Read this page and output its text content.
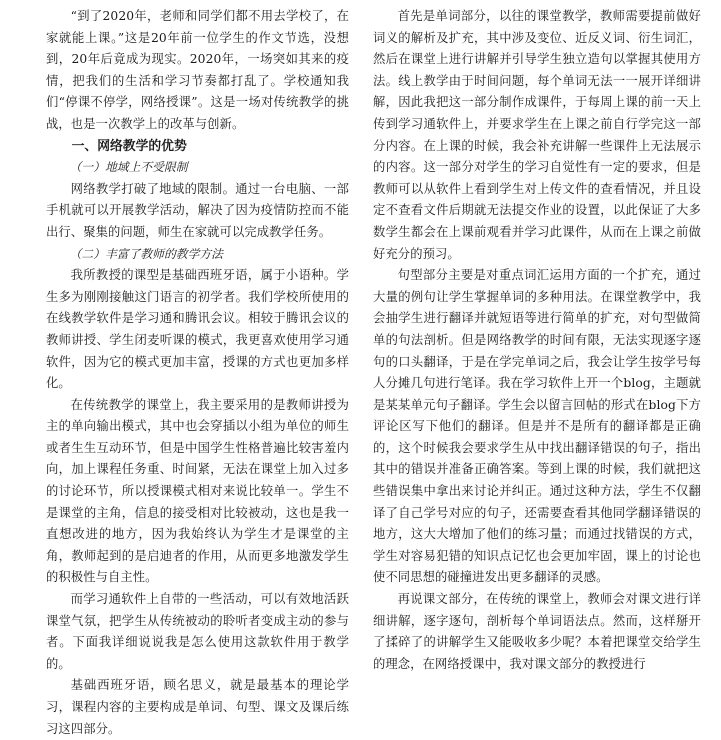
“到了2020年，老师和同学们都不用去学校了，在家就能上课。”这是20年前一位学生的作文节选，没想到，20年后竟成为现实。2020年，一场突如其来的疫情，把我们的生活和学习节奏都打乱了。学校通知我们“停课不停学，网络授课”。这是一场对传统教学的挑战，也是一次教学上的改革与创新。

一、网络教学的优势
（一）地域上不受限制

网络教学打破了地域的限制。通过一台电脑、一部手机就可以开展教学活动，解决了因为疫情防控而不能出行、聚集的问题，师生在家就可以完成教学任务。

（二）丰富了教师的教学方法

我所教授的课型是基础西班牙语，属于小语种。学生多为刚刚接触这门语言的初学者。我们学校所使用的在线教学软件是学习通和腾讯会议。相较于腾讯会议的教师讲授、学生闭麦听课的模式，我更喜欢使用学习通软件，因为它的模式更加丰富，授课的方式也更加多样化。

在传统教学的课堂上，我主要采用的是教师讲授为主的单向输出模式，其中也会穿插以小组为单位的师生或者生生互动环节，但是中国学生性格普遍比较害羞内向，加上课程任务重、时间紧，无法在课堂上加入过多的讨论环节，所以授课模式相对来说比较单一。学生不是课堂的主角，信息的接受相对比较被动，这也是我一直想改进的地方，因为我始终认为学生才是课堂的主角，教师起到的是启迪者的作用，从而更多地激发学生的积极性与自主性。

而学习通软件上自带的一些活动，可以有效地活跃课堂气氛，把学生从传统被动的聆听者变成主动的参与者。下面我详细说说我是怎么使用这款软件用于教学的。

基础西班牙语，顾名思义，就是最基本的理论学习，课程内容的主要构成是单词、句型、课文及课后练习这四部分。

首先是单词部分，以往的课堂教学，教师需要提前做好词义的解析及扩充，其中涉及变位、近反义词、衍生词汇，然后在课堂上进行讲解并引导学生独立造句以掌握其使用方法。线上教学由于时间问题，每个单词无法一一展开详细讲解，因此我把这一部分制作成课件，于每周上课的前一天上传到学习通软件上，并要求学生在上课之前自行学完这一部分内容。在上课的时候，我会补充讲解一些课件上无法展示的内容。这一部分对学生的学习自觉性有一定的要求，但是教师可以从软件上看到学生对上传文件的查看情况，并且设定不查看文件后期就无法提交作业的设置，以此保证了大多数学生都会在上课前观看并学习此课件，从而在上课之前做好充分的预习。

句型部分主要是对重点词汇运用方面的一个扩充，通过大量的例句让学生掌握单词的多种用法。在课堂教学中，我会抽学生进行翻译并就短语等进行简单的扩充，对句型做简单的句法剖析。但是网络教学的时间有限，无法实现逐字逐句的口头翻译，于是在学完单词之后，我会让学生按学号每人分摊几句进行笔译。我在学习软件上开一个blog，主题就是某某单元句子翻译。学生会以留言回帖的形式在blog下方评论区写下他们的翻译。但是并不是所有的翻译都是正确的，这个时候我会要求学生从中找出翻译错误的句子，指出其中的错误并准备正确答案。等到上课的时候，我们就把这些错误集中拿出来讨论并纠正。通过这种方法，学生不仅翻译了自己学号对应的句子，还需要查看其他同学翻译错误的地方，这大大增加了他们的练习量；而通过找错误的方式，学生对容易犯错的知识点记忆也会更加牢固，课上的讨论也使不同思想的碰撞进发出更多翻译的灵感。

再说课文部分，在传统的课堂上，教师会对课文进行详细讲解，逐字逐句，剖析每个单词语法点。然而，这样掰开了揉碎了的讲解学生又能吸收多少呢？本着把课堂交给学生的理念，在网络授课中，我对课文部分的教授进行
